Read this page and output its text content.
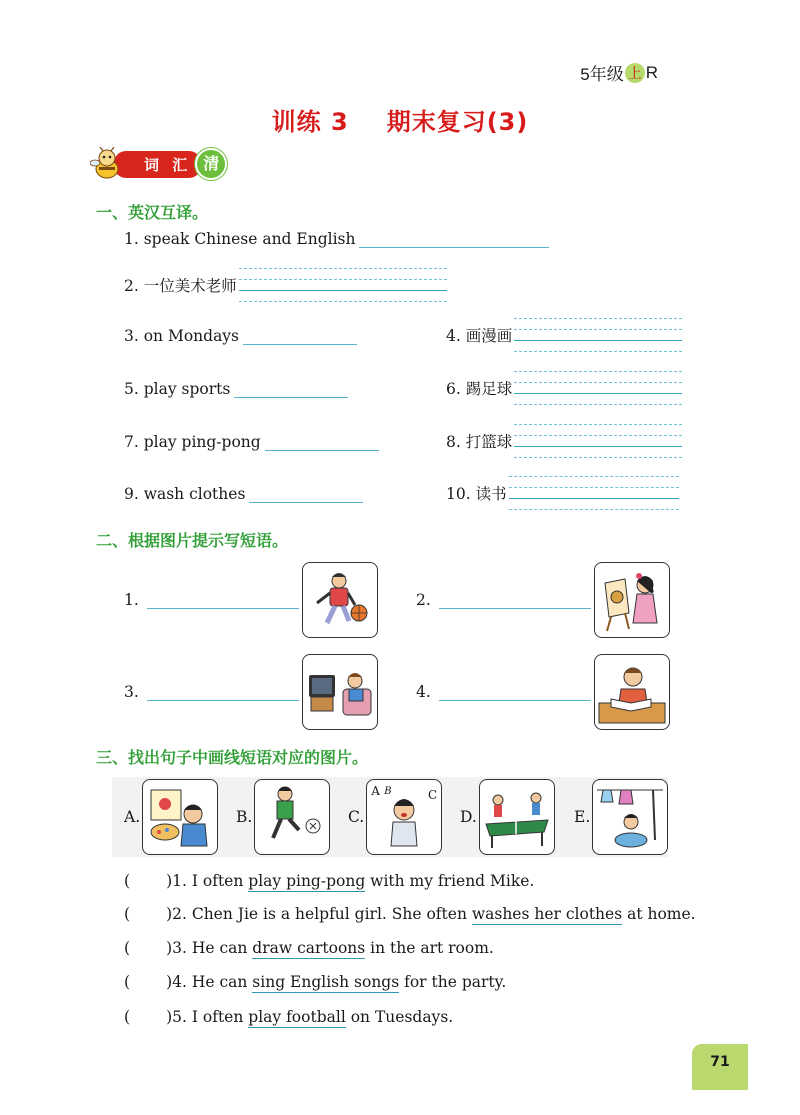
5年级 上 R
训练 3 期末复习(3)
词 汇 清
一、英汉互译。
1. speak Chinese and English
2. 一位美术老师
3. on Mondays	4. 画漫画
5. play sports	6. 踢足球
7. play ping-pong	8. 打篮球
9. wash clothes	10. 读书
二、根据图片提示写短语。
1.	2.
3.	4.
三、找出句子中画线短语对应的图片。
A.	B.	C.
A B	C
D.	E.
( )1. I often play ping-pong with my friend Mike.
( )2. Chen Jie is a helpful girl. She often washes her clothes at home.
( )3. He can draw cartoons in the art room.
( )4. He can sing English songs for the party.
( )5. I often play football on Tuesdays.
71
